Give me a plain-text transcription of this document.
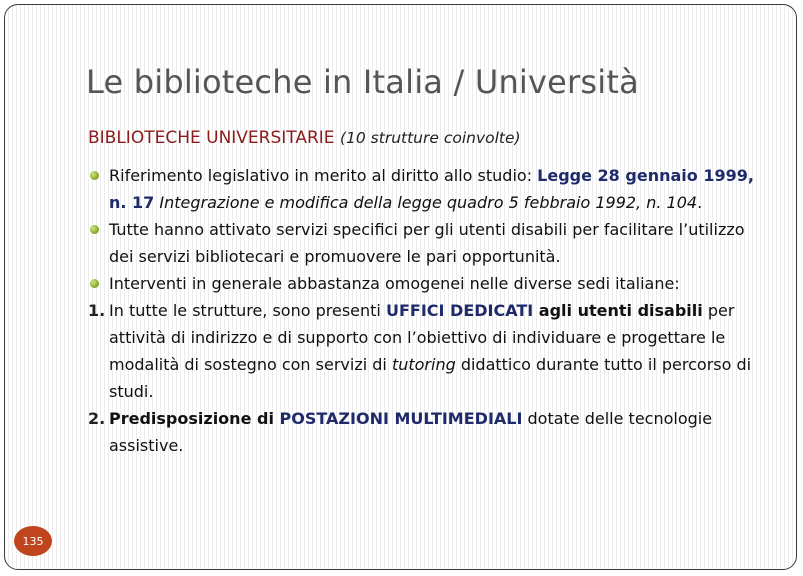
Le biblioteche in Italia / Università
BIBLIOTECHE UNIVERSITARIE (10 strutture coinvolte)
Riferimento legislativo in merito al diritto allo studio: Legge 28 gennaio 1999, n. 17 Integrazione e modifica della legge quadro 5 febbraio 1992, n. 104.
Tutte hanno attivato servizi specifici per gli utenti disabili per facilitare l’utilizzo dei servizi bibliotecari e promuovere le pari opportunità.
Interventi in generale abbastanza omogenei nelle diverse sedi italiane:
1. In tutte le strutture, sono presenti UFFICI DEDICATI agli utenti disabili per attività di indirizzo e di supporto con l’obiettivo di individuare e progettare le modalità di sostegno con servizi di tutoring didattico durante tutto il percorso di studi.
2. Predisposizione di POSTAZIONI MULTIMEDIALI dotate delle tecnologie assistive.
135
